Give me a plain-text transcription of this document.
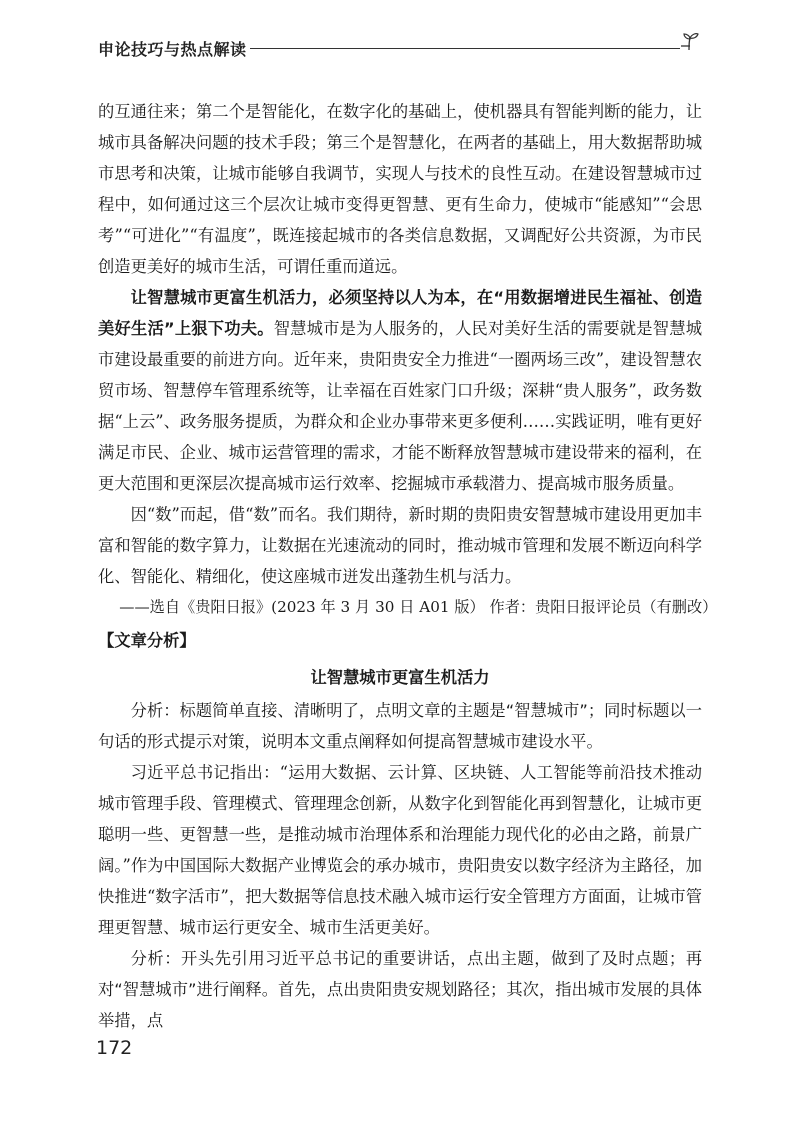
申论技巧与热点解读

的互通往来；第二个是智能化，在数字化的基础上，使机器具有智能判断的能力，让城市具备解决问题的技术手段；第三个是智慧化，在两者的基础上，用大数据帮助城市思考和决策，让城市能够自我调节，实现人与技术的良性互动。在建设智慧城市过程中，如何通过这三个层次让城市变得更智慧、更有生命力，使城市“能感知”“会思考”“可进化”“有温度”，既连接起城市的各类信息数据，又调配好公共资源，为市民创造更美好的城市生活，可谓任重而道远。

让智慧城市更富生机活力，必须坚持以人为本，在“用数据增进民生福祉、创造美好生活”上狠下功夫。智慧城市是为人服务的，人民对美好生活的需要就是智慧城市建设最重要的前进方向。近年来，贵阳贵安全力推进“一圈两场三改”，建设智慧农贸市场、智慧停车管理系统等，让幸福在百姓家门口升级；深耕“贵人服务”，政务数据“上云”、政务服务提质，为群众和企业办事带来更多便利……实践证明，唯有更好满足市民、企业、城市运营管理的需求，才能不断释放智慧城市建设带来的福利，在更大范围和更深层次提高城市运行效率、挖掘城市承载潜力、提高城市服务质量。

因“数”而起，借“数”而名。我们期待，新时期的贵阳贵安智慧城市建设用更加丰富和智能的数字算力，让数据在光速流动的同时，推动城市管理和发展不断迈向科学化、智能化、精细化，使这座城市迸发出蓬勃生机与活力。

——选自《贵阳日报》(2023 年 3 月 30 日 A01 版） 作者：贵阳日报评论员（有删改）

【文章分析】

让智慧城市更富生机活力

分析：标题简单直接、清晰明了，点明文章的主题是“智慧城市”；同时标题以一句话的形式提示对策，说明本文重点阐释如何提高智慧城市建设水平。

习近平总书记指出：“运用大数据、云计算、区块链、人工智能等前沿技术推动城市管理手段、管理模式、管理理念创新，从数字化到智能化再到智慧化，让城市更聪明一些、更智慧一些，是推动城市治理体系和治理能力现代化的必由之路，前景广阔。”作为中国国际大数据产业博览会的承办城市，贵阳贵安以数字经济为主路径，加快推进“数字活市”，把大数据等信息技术融入城市运行安全管理方方面面，让城市管理更智慧、城市运行更安全、城市生活更美好。

分析：开头先引用习近平总书记的重要讲话，点出主题，做到了及时点题；再对“智慧城市”进行阐释。首先，点出贵阳贵安规划路径；其次，指出城市发展的具体举措，点

172
